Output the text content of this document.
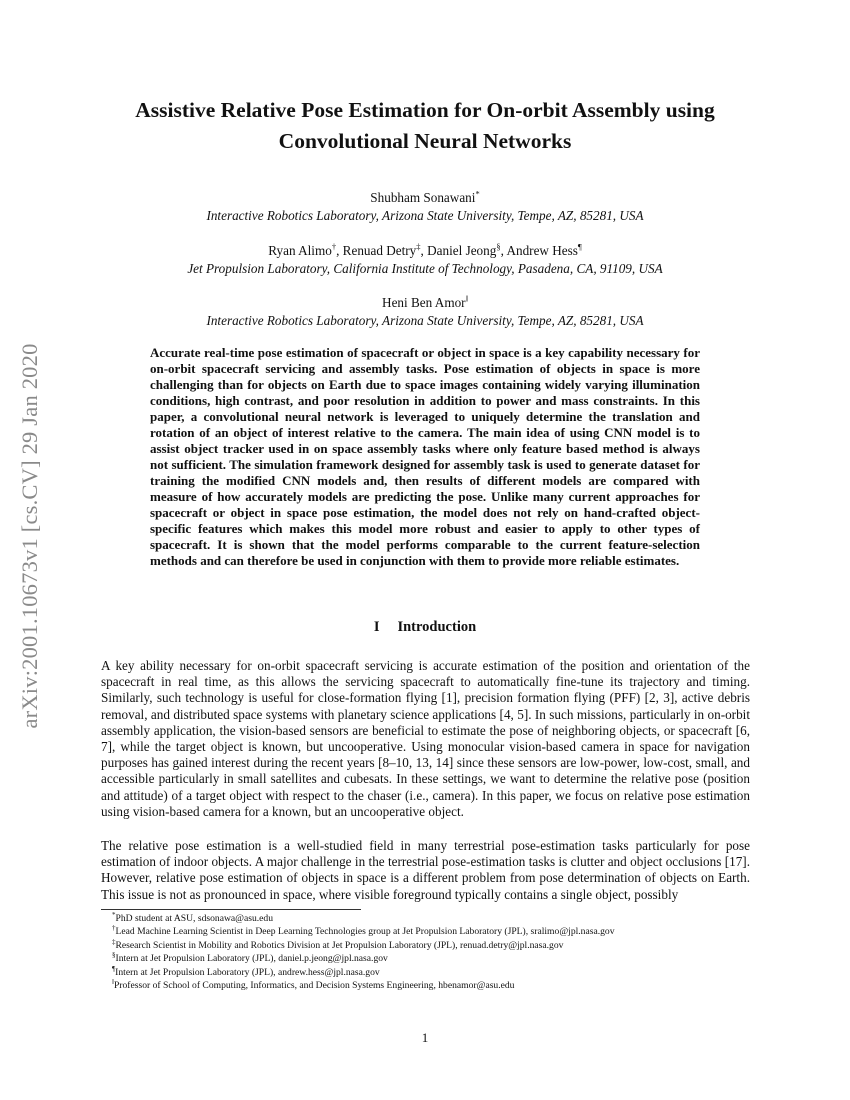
arXiv:2001.10673v1 [cs.CV] 29 Jan 2020
Assistive Relative Pose Estimation for On-orbit Assembly using
Convolutional Neural Networks
Shubham Sonawani*
Interactive Robotics Laboratory, Arizona State University, Tempe, AZ, 85281, USA
Ryan Alimo†, Renuad Detry‡, Daniel Jeong§, Andrew Hess¶
Jet Propulsion Laboratory, California Institute of Technology, Pasadena, CA, 91109, USA
Heni Ben Amor‖
Interactive Robotics Laboratory, Arizona State University, Tempe, AZ, 85281, USA
Accurate real-time pose estimation of spacecraft or object in space is a key capability necessary for on-orbit spacecraft servicing and assembly tasks. Pose estimation of objects in space is more challenging than for objects on Earth due to space images containing widely varying illumination conditions, high contrast, and poor resolution in addition to power and mass constraints. In this paper, a convolutional neural network is leveraged to uniquely determine the translation and rotation of an object of interest relative to the camera. The main idea of using CNN model is to assist object tracker used in on space assembly tasks where only feature based method is always not sufficient. The simulation framework designed for assembly task is used to generate dataset for training the modified CNN models and, then results of different models are compared with measure of how accurately models are predicting the pose. Unlike many current approaches for spacecraft or object in space pose estimation, the model does not rely on hand-crafted object-specific features which makes this model more robust and easier to apply to other types of spacecraft. It is shown that the model performs comparable to the current feature-selection methods and can therefore be used in conjunction with them to provide more reliable estimates.
I Introduction
A key ability necessary for on-orbit spacecraft servicing is accurate estimation of the position and orientation of the spacecraft in real time, as this allows the servicing spacecraft to automatically fine-tune its trajectory and timing. Similarly, such technology is useful for close-formation flying [1], precision formation flying (PFF) [2, 3], active debris removal, and distributed space systems with planetary science applications [4, 5]. In such missions, particularly in on-orbit assembly application, the vision-based sensors are beneficial to estimate the pose of neighboring objects, or spacecraft [6, 7], while the target object is known, but uncooperative. Using monocular vision-based camera in space for navigation purposes has gained interest during the recent years [8–10, 13, 14] since these sensors are low-power, low-cost, small, and accessible particularly in small satellites and cubesats. In these settings, we want to determine the relative pose (position and attitude) of a target object with respect to the chaser (i.e., camera). In this paper, we focus on relative pose estimation using vision-based camera for a known, but an uncooperative object.
The relative pose estimation is a well-studied field in many terrestrial pose-estimation tasks particularly for pose estimation of indoor objects. A major challenge in the terrestrial pose-estimation tasks is clutter and object occlusions [17]. However, relative pose estimation of objects in space is a different problem from pose determination of objects on Earth. This issue is not as pronounced in space, where visible foreground typically contains a single object, possibly
*PhD student at ASU, sdsonawa@asu.edu
†Lead Machine Learning Scientist in Deep Learning Technologies group at Jet Propulsion Laboratory (JPL), sralimo@jpl.nasa.gov
‡Research Scientist in Mobility and Robotics Division at Jet Propulsion Laboratory (JPL), renuad.detry@jpl.nasa.gov
§Intern at Jet Propulsion Laboratory (JPL), daniel.p.jeong@jpl.nasa.gov
¶Intern at Jet Propulsion Laboratory (JPL), andrew.hess@jpl.nasa.gov
‖Professor of School of Computing, Informatics, and Decision Systems Engineering, hbenamor@asu.edu
1
